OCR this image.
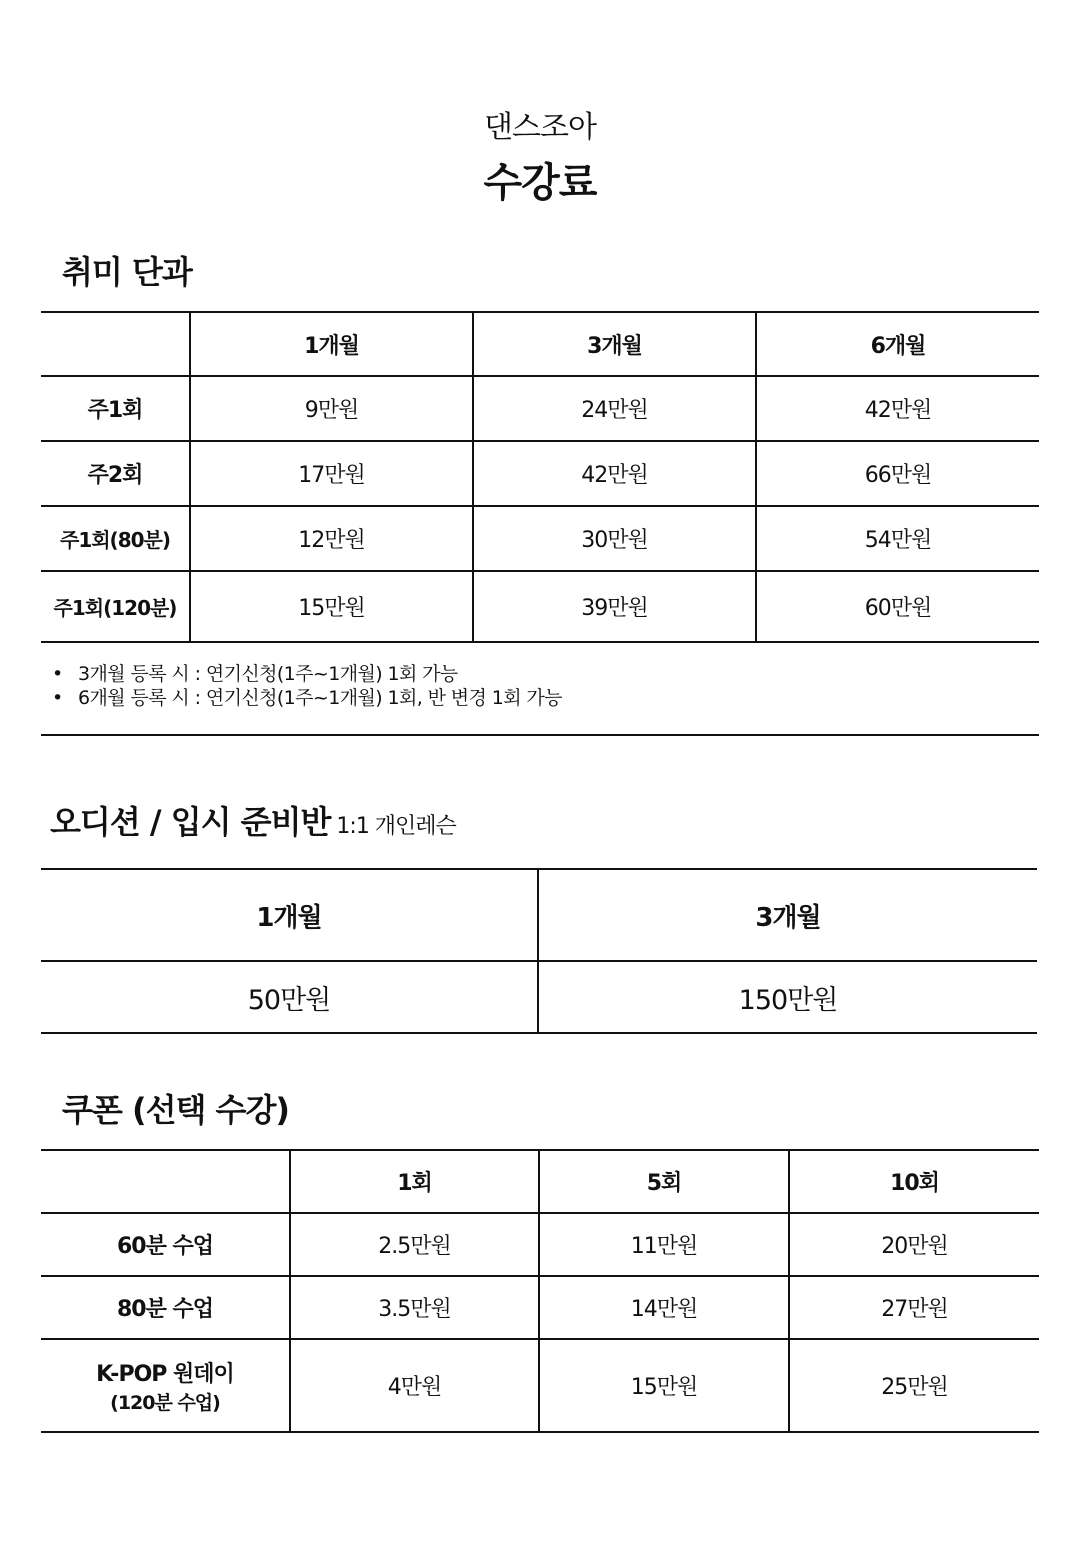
댄스조아
수강료
취미 단과
	1개월	3개월	6개월
주1회	9만원	24만원	42만원
주2회	17만원	42만원	66만원
주1회(80분)	12만원	30만원	54만원
주1회(120분)	15만원	39만원	60만원
• 3개월 등록 시 : 연기신청(1주~1개월) 1회 가능
• 6개월 등록 시 : 연기신청(1주~1개월) 1회, 반 변경 1회 가능
오디션 / 입시 준비반 1:1 개인레슨
1개월	3개월
50만원	150만원
쿠폰 (선택 수강)
	1회	5회	10회
60분 수업	2.5만원	11만원	20만원
80분 수업	3.5만원	14만원	27만원
K-POP 원데이
(120분 수업)	4만원	15만원	25만원
